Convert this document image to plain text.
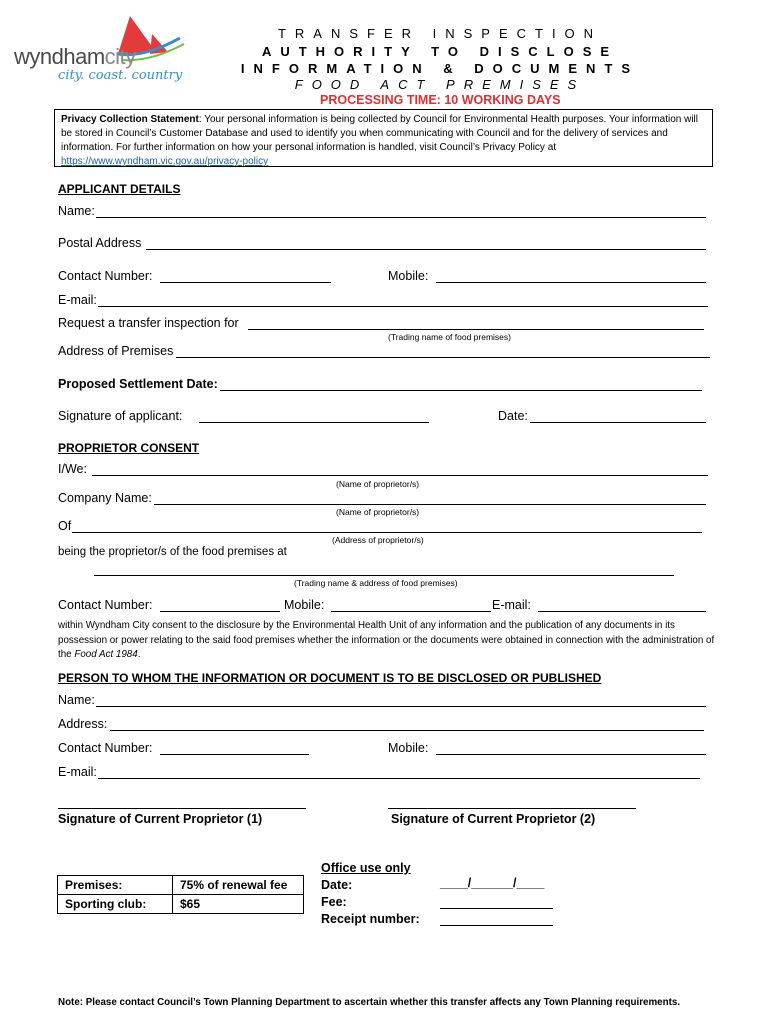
wyndhamcity
city. coast. country
TRANSFER INSPECTION
AUTHORITY TO DISCLOSE
INFORMATION & DOCUMENTS
FOOD ACT PREMISES
PROCESSING TIME: 10 WORKING DAYS
Privacy Collection Statement: Your personal information is being collected by Council for Environmental Health purposes. Your information will be stored in Council’s Customer Database and used to identify you when communicating with Council and for the delivery of services and information. For further information on how your personal information is handled, visit Council’s Privacy Policy at https://www.wyndham.vic.gov.au/privacy-policy
APPLICANT DETAILS
Name:
Postal Address
Contact Number:	Mobile:
E-mail:
Request a transfer inspection for
(Trading name of food premises)
Address of Premises
Proposed Settlement Date:
Signature of applicant:	Date:
PROPRIETOR CONSENT
I/We:
(Name of proprietor/s)
Company Name:
(Name of proprietor/s)
Of
(Address of proprietor/s)
being the proprietor/s of the food premises at
(Trading name & address of food premises)
Contact Number:	Mobile:	E-mail:
within Wyndham City consent to the disclosure by the Environmental Health Unit of any information and the publication of any documents in its possession or power relating to the said food premises whether the information or the documents were obtained in connection with the administration of the Food Act 1984.
PERSON TO WHOM THE INFORMATION OR DOCUMENT IS TO BE DISCLOSED OR PUBLISHED
Name:
Address:
Contact Number:	Mobile:
E-mail:
Signature of Current Proprietor (1)	Signature of Current Proprietor (2)
Premises:	75% of renewal fee
Sporting club:	$65
Office use only
Date:	____/______/____
Fee:
Receipt number:
Note: Please contact Council’s Town Planning Department to ascertain whether this transfer affects any Town Planning requirements.
